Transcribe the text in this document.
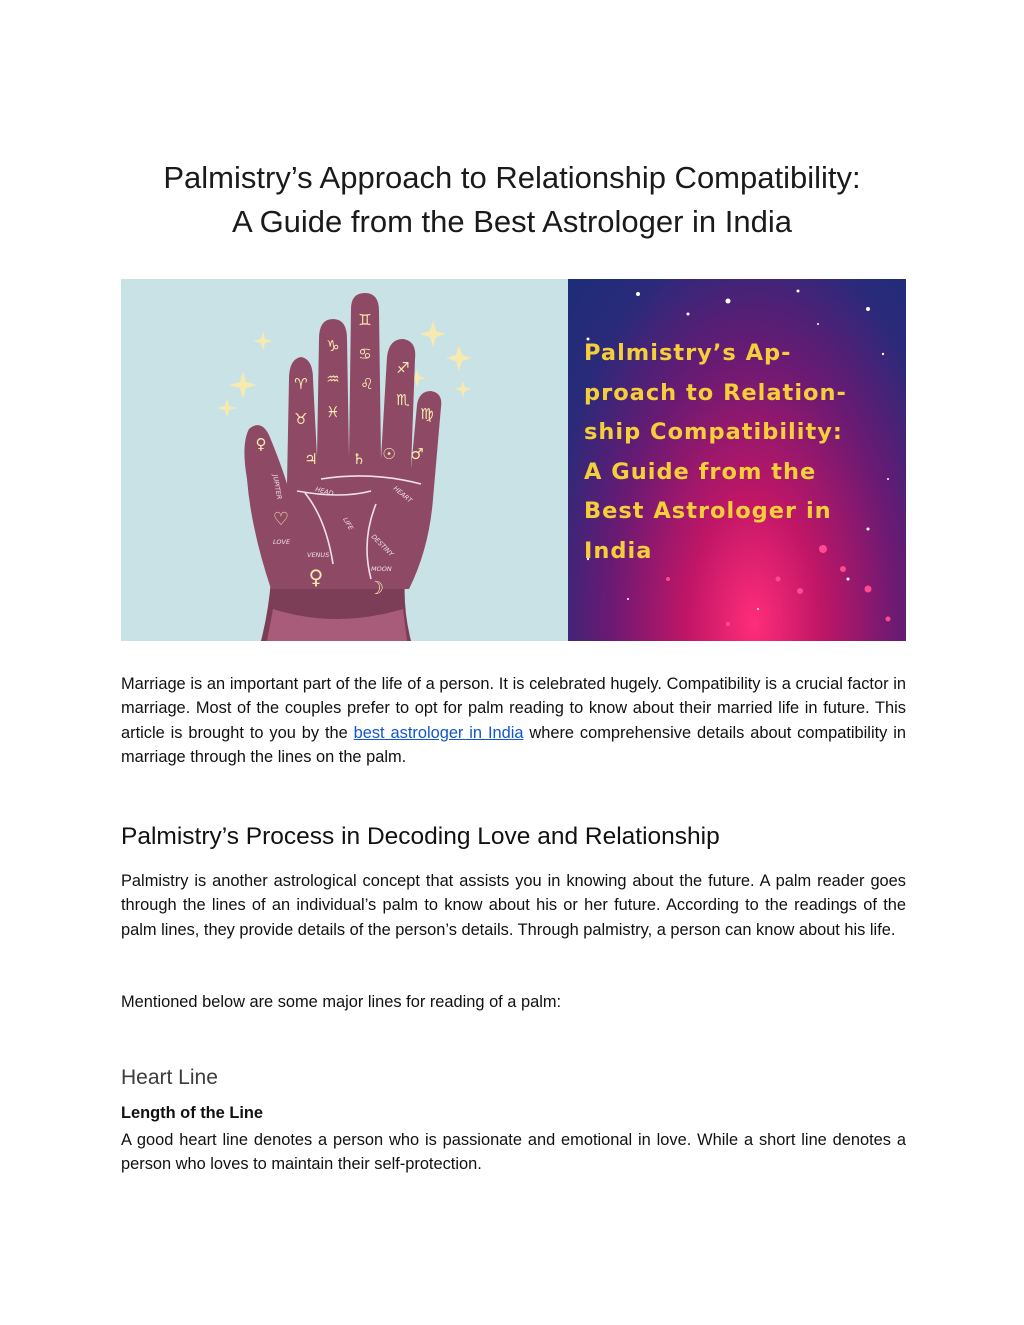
Palmistry’s Approach to Relationship Compatibility:
A Guide from the Best Astrologer in India
♈
♉
♑
♒
♓
♊
♋
♌
♐
♏
♍
♀
♃ ♄ ☉ ♂
♡
♀ ☽
JUPITER	HEAD	HEART
LIFE
DESTINY
LOVE
VENUS
MOON
Palmistry’s Ap-
proach to Relation-
ship Compatibility:
A Guide from the
Best Astrologer in
India

Marriage is an important part of the life of a person. It is celebrated hugely. Compatibility is a crucial factor in marriage. Most of the couples prefer to opt for palm reading to know about their married life in future. This article is brought to you by the best astrologer in India where comprehensive details about compatibility in marriage through the lines on the palm.

Palmistry’s Process in Decoding Love and Relationship

Palmistry is another astrological concept that assists you in knowing about the future. A palm reader goes through the lines of an individual’s palm to know about his or her future. According to the readings of the palm lines, they provide details of the person’s details. Through palmistry, a person can know about his life.

Mentioned below are some major lines for reading of a palm:

Heart Line
Length of the Line

A good heart line denotes a person who is passionate and emotional in love. While a short line denotes a person who loves to maintain their self-protection.
